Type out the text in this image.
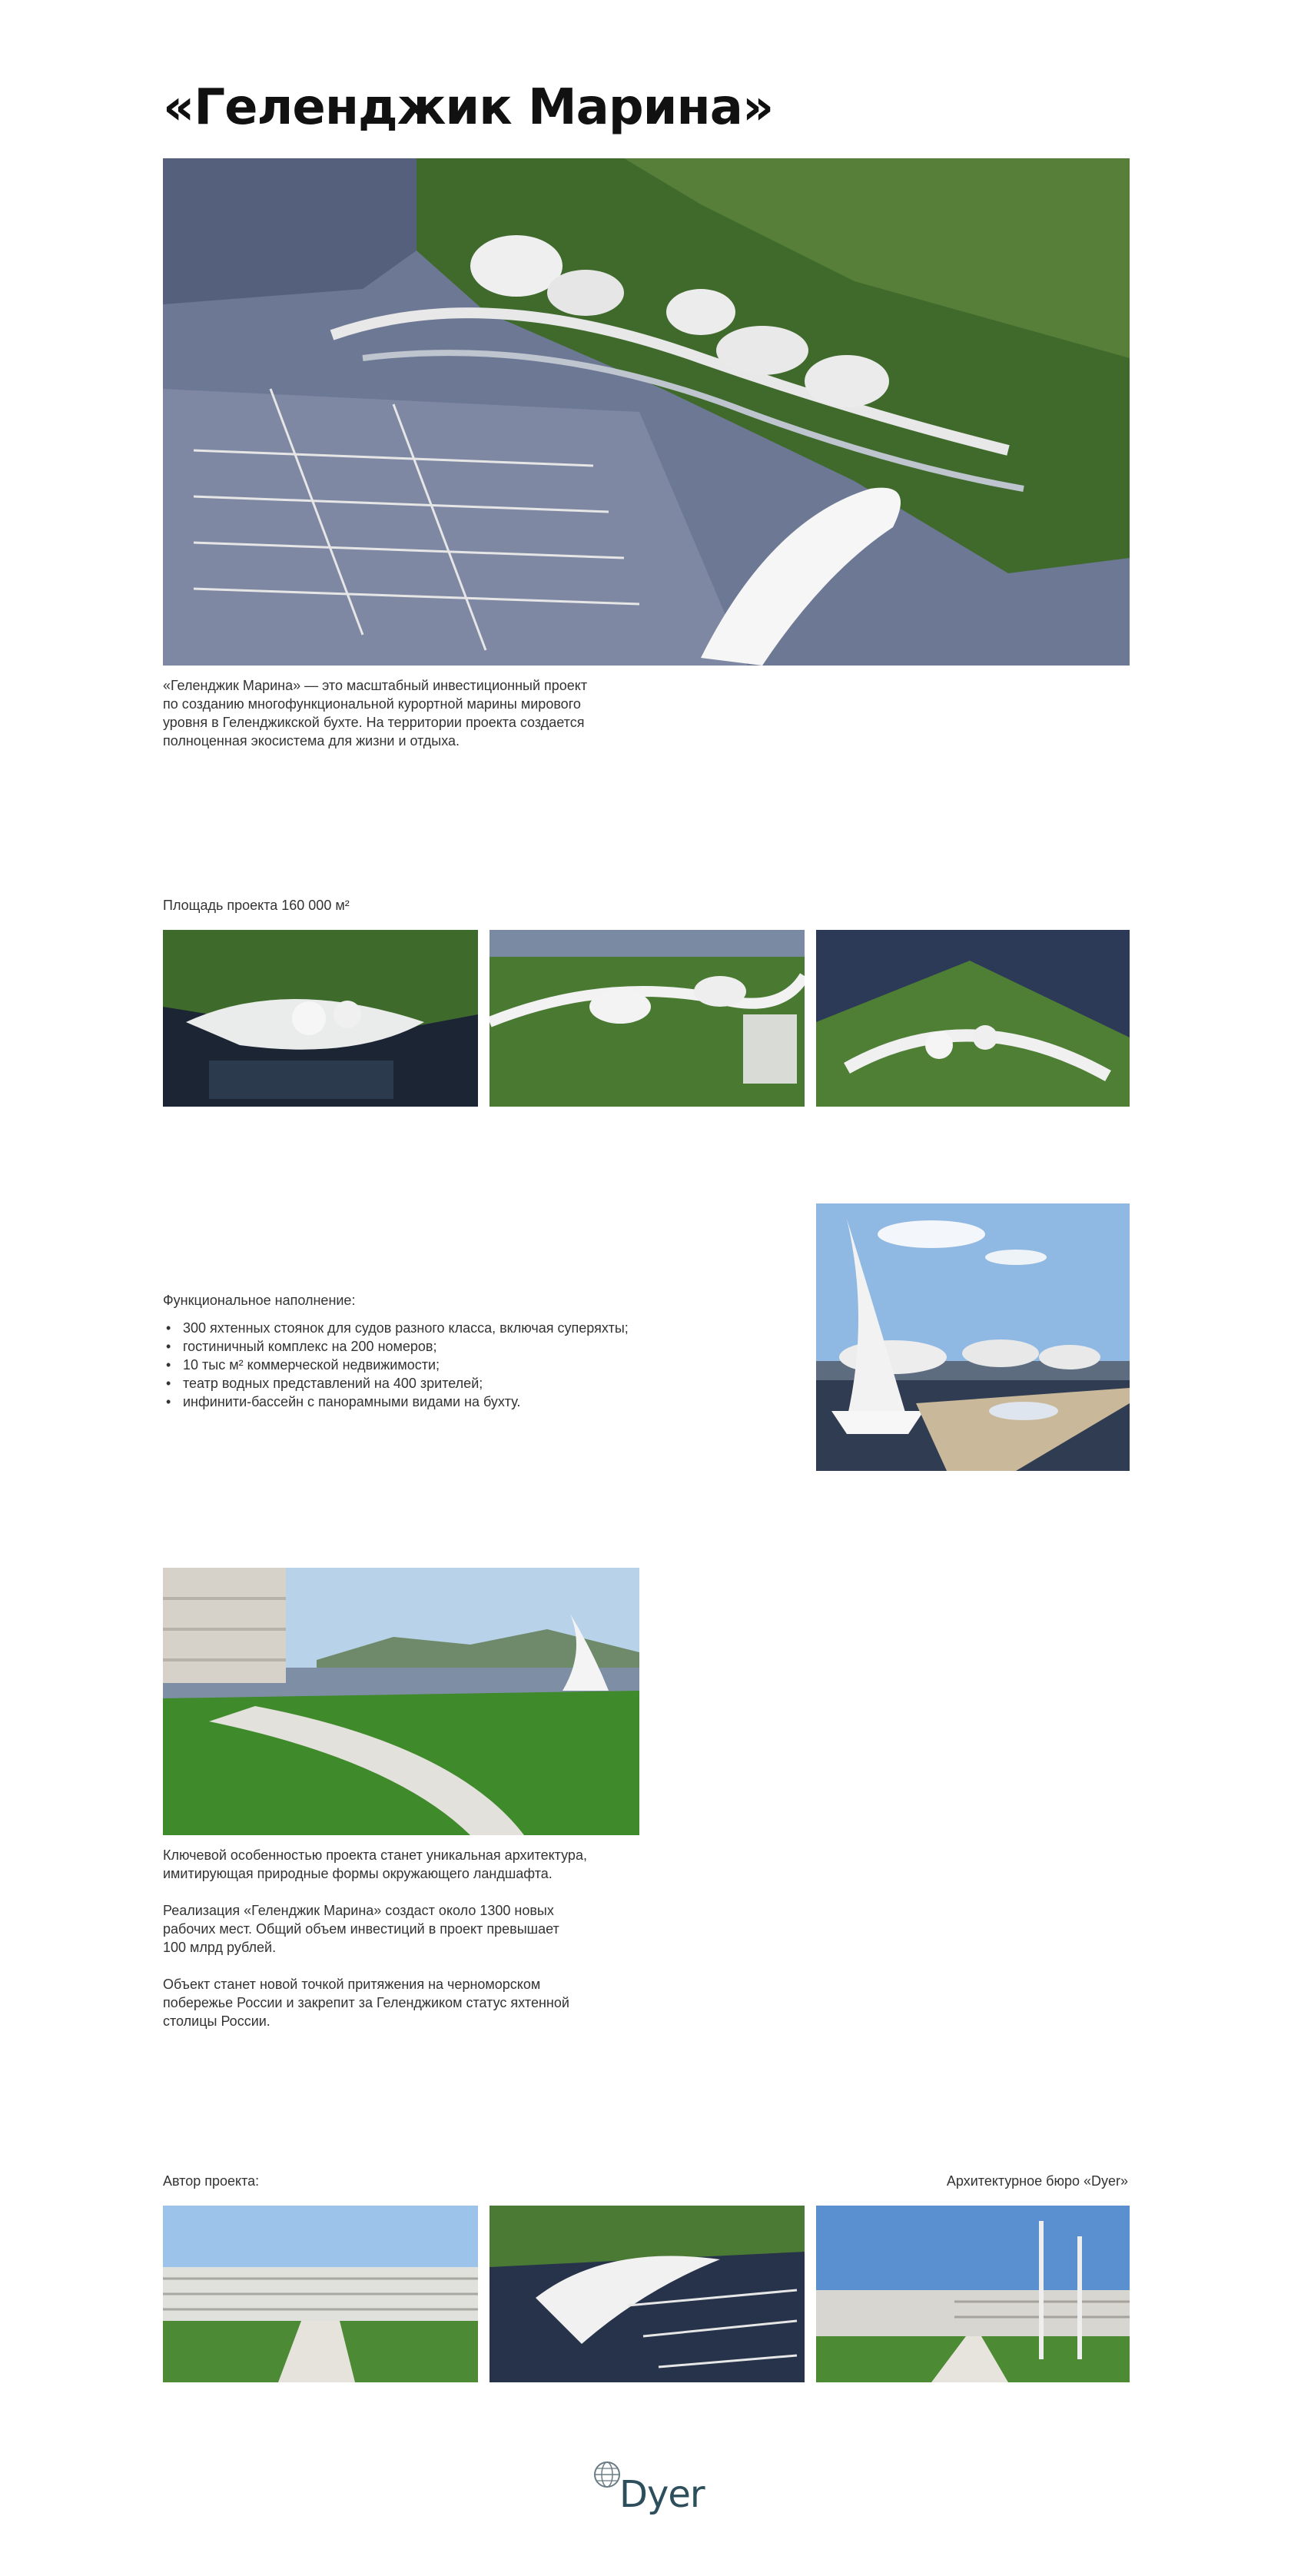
«Геленджик Марина»
«Геленджик Марина» — это масштабный инвестиционный проект
по созданию многофункциональной курортной марины мирового
уровня в Геленджикской бухте. На территории проекта создается
полноценная экосистема для жизни и отдыха.
Площадь проекта 160 000 м²
Функциональное наполнение:
• 300 яхтенных стоянок для судов разного класса, включая суперяхты;
• гостиничный комплекс на 200 номеров;
• 10 тыс м² коммерческой недвижимости;
• театр водных представлений на 400 зрителей;
• инфинити-бассейн с панорамными видами на бухту.
Ключевой особенностью проекта станет уникальная архитектура,
имитирующая природные формы окружающего ландшафта.
Реализация «Геленджик Марина» создаст около 1300 новых
рабочих мест. Общий объем инвестиций в проект превышает
100 млрд рублей.
Объект станет новой точкой притяжения на черноморском
побережье России и закрепит за Геленджиком статус яхтенной
столицы России.
Автор проекта:	Архитектурное бюро «Dyer»
Dyer
